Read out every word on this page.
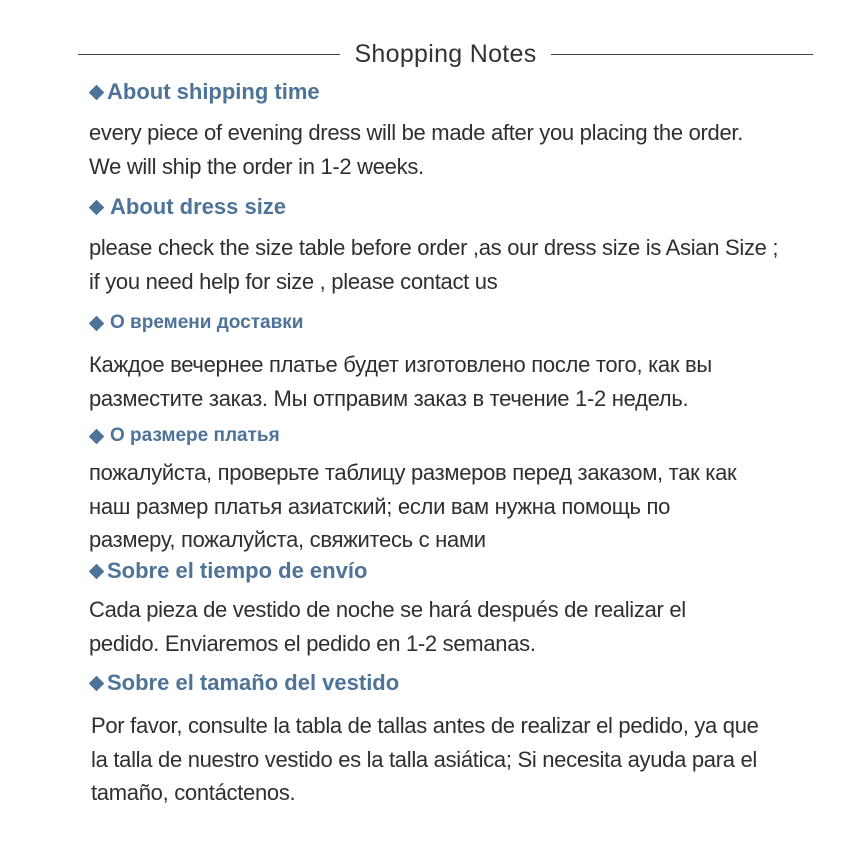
Shopping Notes
About shipping time
every piece of evening dress will be made after you placing the order.
We will ship the order in 1-2 weeks.
About dress size
please check the size table before order ,as our dress size is Asian Size ;
if you need help for size , please contact us
О времени доставки
Каждое вечернее платье будет изготовлено после того, как вы
разместите заказ. Мы отправим заказ в течение 1-2 недель.
О размере платья
пожалуйста, проверьте таблицу размеров перед заказом, так как
наш размер платья азиатский; если вам нужна помощь по
размеру, пожалуйста, свяжитесь с нами
Sobre el tiempo de envío
Cada pieza de vestido de noche se hará después de realizar el
pedido. Enviaremos el pedido en 1-2 semanas.
Sobre el tamaño del vestido
Por favor, consulte la tabla de tallas antes de realizar el pedido, ya que
la talla de nuestro vestido es la talla asiática; Si necesita ayuda para el
tamaño, contáctenos.
